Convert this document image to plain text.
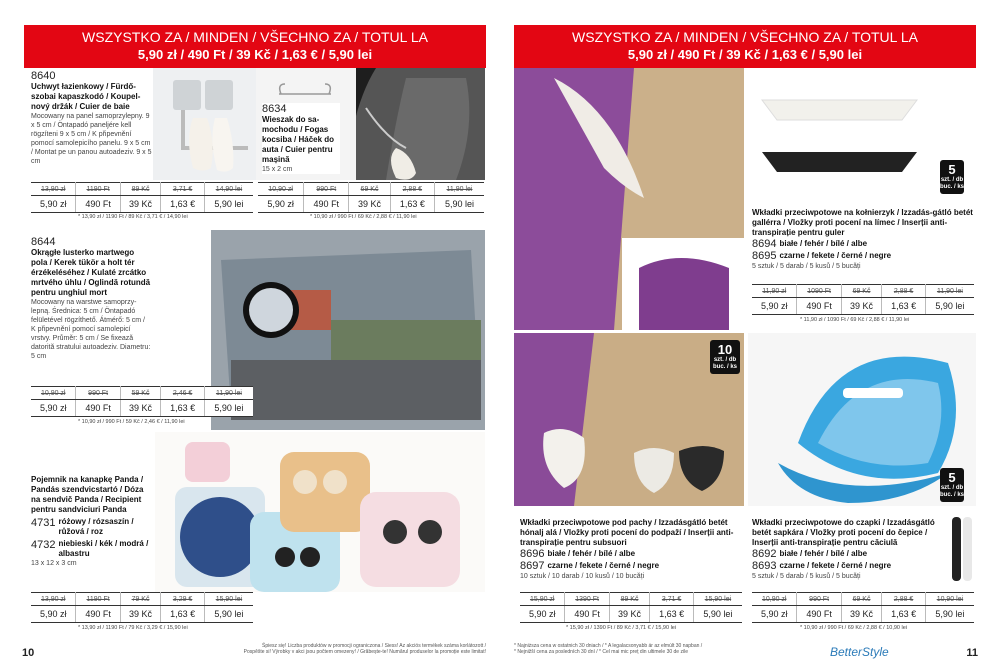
WSZYSTKO ZA / MINDEN / VŠECHNO ZA / TOTUL LA
5,90 zł / 490 Ft / 39 Kč / 1,63 € / 5,90 lei
8640
Uchwyt łazienkowy / Fürdő-szobai kapaszkodó / Koupel-nový držák / Cuier de baie
Mocowany na panel samoprzylepny. 9 x 5 cm / Öntapadó panelјére kell rögzíteni 9 x 5 cm / K připevnění pomocí samolepicího panelu. 9 x 5 cm / Montat pe un panou autoadeziv. 9 x 5 cm
13,90 zł	1190 Ft	89 Kč	3,71 €	14,90 lei
5,90 zł	490 Ft	39 Kč	1,63 €	5,90 lei
* 13,90 zł / 1190 Ft / 89 Kč / 3,71 € / 14,90 lei
8634
Wieszak do sa-mochodu / Fogas kocsiba / Háček do auta / Cuier pentru mașină
15 x 2 cm
10,90 zł	990 Ft	69 Kč	2,88 €	11,90 lei
5,90 zł	490 Ft	39 Kč	1,63 €	5,90 lei
* 10,90 zł / 990 Ft / 69 Kč / 2,88 € / 11,90 lei
8644
Okrągłe lusterko martwego pola / Kerek tükör a holt tér érzékeléséhez / Kulaté zrcátko mrtvého úhlu / Oglindă rotundă pentru unghiul mort
Mocowany na warstwe samoprzy-lepną. Średnica: 5 cm / Öntapadó felületével rögzíthető. Átmérő: 5 cm / K připevnění pomocí samolepicí vrstvy. Průměr: 5 cm / Se fixează datorită stratului autoadeziv. Diametru: 5 cm
10,90 zł	990 Ft	59 Kč	2,46 €	11,90 lei
5,90 zł	490 Ft	39 Kč	1,63 €	5,90 lei
* 10,90 zł / 990 Ft / 59 Kč / 2,46 € / 11,90 lei
Pojemnik na kanapkę Panda / Pandás szendvicstartó / Dóza na sendvič Panda / Recipient pentru sandviciuri Panda
4731 różowy / rózsaszín / růžová / roz
4732 niebieski / kék / modrá / albastru
13 x 12 x 3 cm
13,90 zł	1190 Ft	79 Kč	3,29 €	15,90 lei
5,90 zł	490 Ft	39 Kč	1,63 €	5,90 lei
* 13,90 zł / 1190 Ft / 79 Kč / 3,29 € / 15,90 lei
10
Śpiesz się! Liczba produktów w promocji ograniczona / Siess! Az akciós termékek száma korlátozott /
Pospěšte si! Výrobky v akci jsou počtem omezeny! / Grăbește-te! Numărul produselor la promoție este limitat!
WSZYSTKO ZA / MINDEN / VŠECHNO ZA / TOTUL LA
5,90 zł / 490 Ft / 39 Kč / 1,63 € / 5,90 lei
5
szt. / db buc. / ks
Wkładki przeciwpotowe na kołnierzyk / Izzadás-gátló betét gallérra / Vložky proti pocení na límec / Inserții anti-transpirație pentru guler
8694 białe / fehér / bílé / albe
8695 czarne / fekete / černé / negre
5 sztuk / 5 darab / 5 kusů / 5 bucăți
11,90 zł	1090 Ft	69 Kč	2,88 €	11,90 lei
5,90 zł	490 Ft	39 Kč	1,63 €	5,90 lei
* 11,90 zł / 1090 Ft / 69 Kč / 2,88 € / 11,90 lei
10
szt. / db buc. / ks
Wkładki przeciwpotowe pod pachy / Izzadásgátló betét hónalj alá / Vložky proti pocení do podpaží / Inserții anti-transpirație pentru subsuori
8696 białe / fehér / bílé / albe
8697 czarne / fekete / černé / negre
10 sztuk / 10 darab / 10 kusů / 10 bucăți
15,90 zł	1390 Ft	89 Kč	3,71 €	15,90 lei
5,90 zł	490 Ft	39 Kč	1,63 €	5,90 lei
* 15,90 zł / 1390 Ft / 89 Kč / 3,71 € / 15,90 lei
5
szt. / db buc. / ks
Wkładki przeciwpotowe do czapki / Izzadásgátló betét sapkára / Vložky proti pocení do čepice / Inserții anti-transpirație pentru căciulă
8692 białe / fehér / bílé / albe
8693 czarne / fekete / černé / negre
5 sztuk / 5 darab / 5 kusů / 5 bucăți
10,90 zł	990 Ft	69 Kč	2,88 €	10,90 lei
5,90 zł	490 Ft	39 Kč	1,63 €	5,90 lei
* 10,90 zł / 990 Ft / 69 Kč / 2,88 € / 10,90 lei
* Najniższa cena w ostatnich 30 dniach / * A legalacsonyabb ár az elmúlt 30 napban /
* Nejnižší cena za posledních 30 dní / * Cel mai mic preț din ultimele 30 de zile	BetterStyle	11
